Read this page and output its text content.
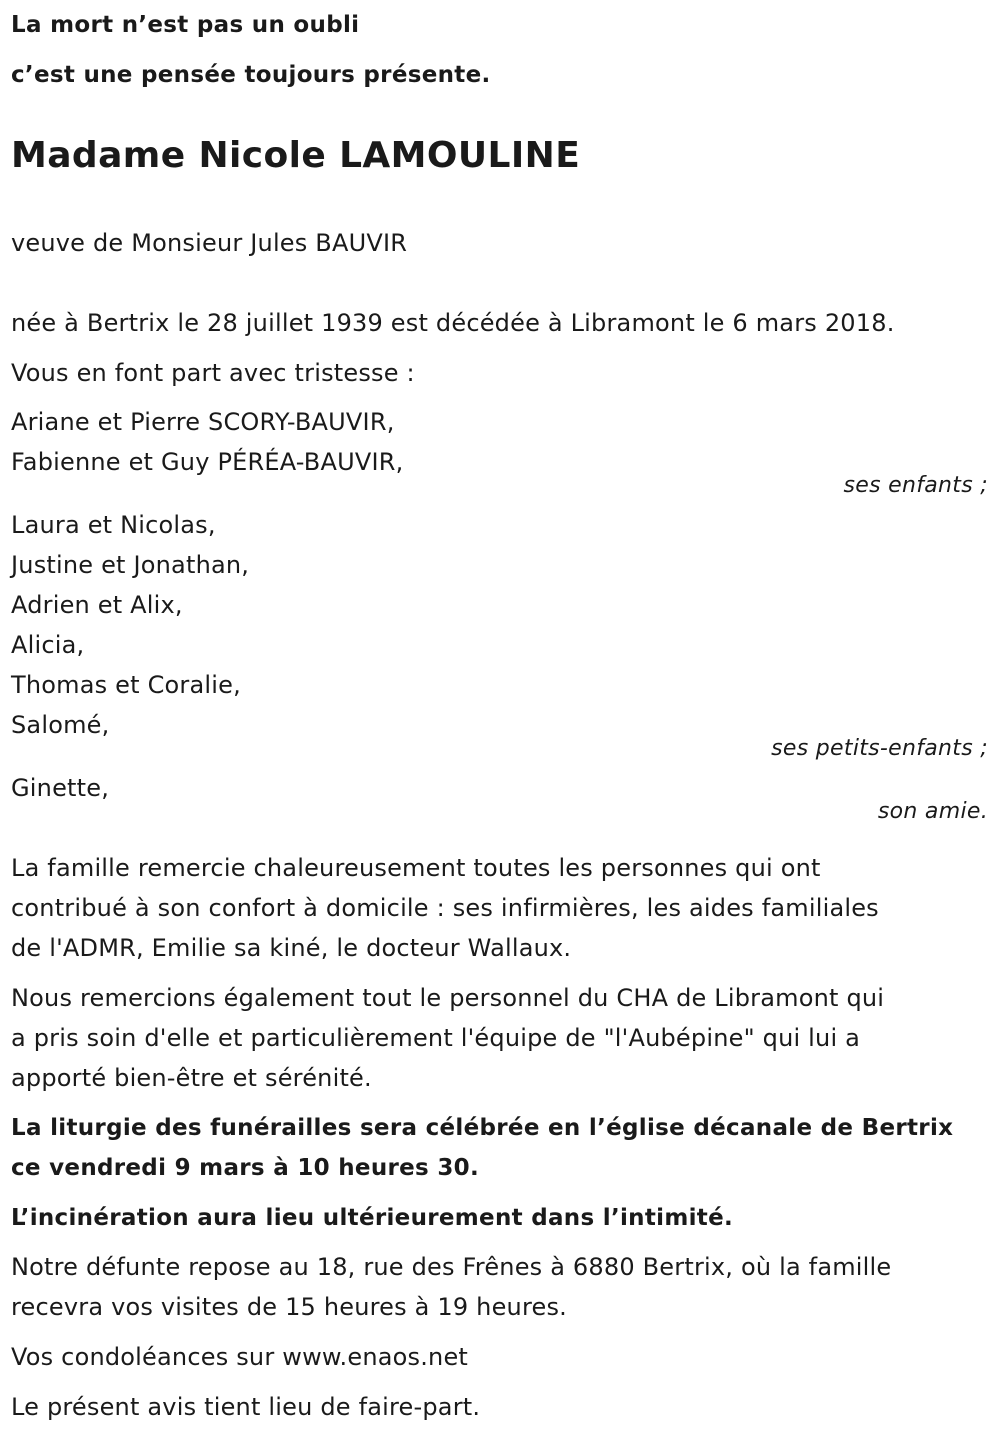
La mort n’est pas un oubli

c’est une pensée toujours présente.

Madame Nicole LAMOULINE

veuve de Monsieur Jules BAUVIR

née à Bertrix le 28 juillet 1939 est décédée à Libramont le 6 mars 2018.

Vous en font part avec tristesse :

Ariane et Pierre SCORY-BAUVIR,

Fabienne et Guy PÉRÉA-BAUVIR,

ses enfants ;

Laura et Nicolas,

Justine et Jonathan,

Adrien et Alix,

Alicia,

Thomas et Coralie,

Salomé,

ses petits-enfants ;

Ginette,

son amie.

La famille remercie chaleureusement toutes les personnes qui ont

contribué à son confort à domicile : ses infirmières, les aides familiales

de l'ADMR, Emilie sa kiné, le docteur Wallaux.

Nous remercions également tout le personnel du CHA de Libramont qui

a pris soin d'elle et particulièrement l'équipe de "l'Aubépine" qui lui a

apporté bien-être et sérénité.

La liturgie des funérailles sera célébrée en l’église décanale de Bertrix

ce vendredi 9 mars à 10 heures 30.

L’incinération aura lieu ultérieurement dans l’intimité.

Notre défunte repose au 18, rue des Frênes à 6880 Bertrix, où la famille

recevra vos visites de 15 heures à 19 heures.

Vos condoléances sur www.enaos.net

Le présent avis tient lieu de faire-part.
